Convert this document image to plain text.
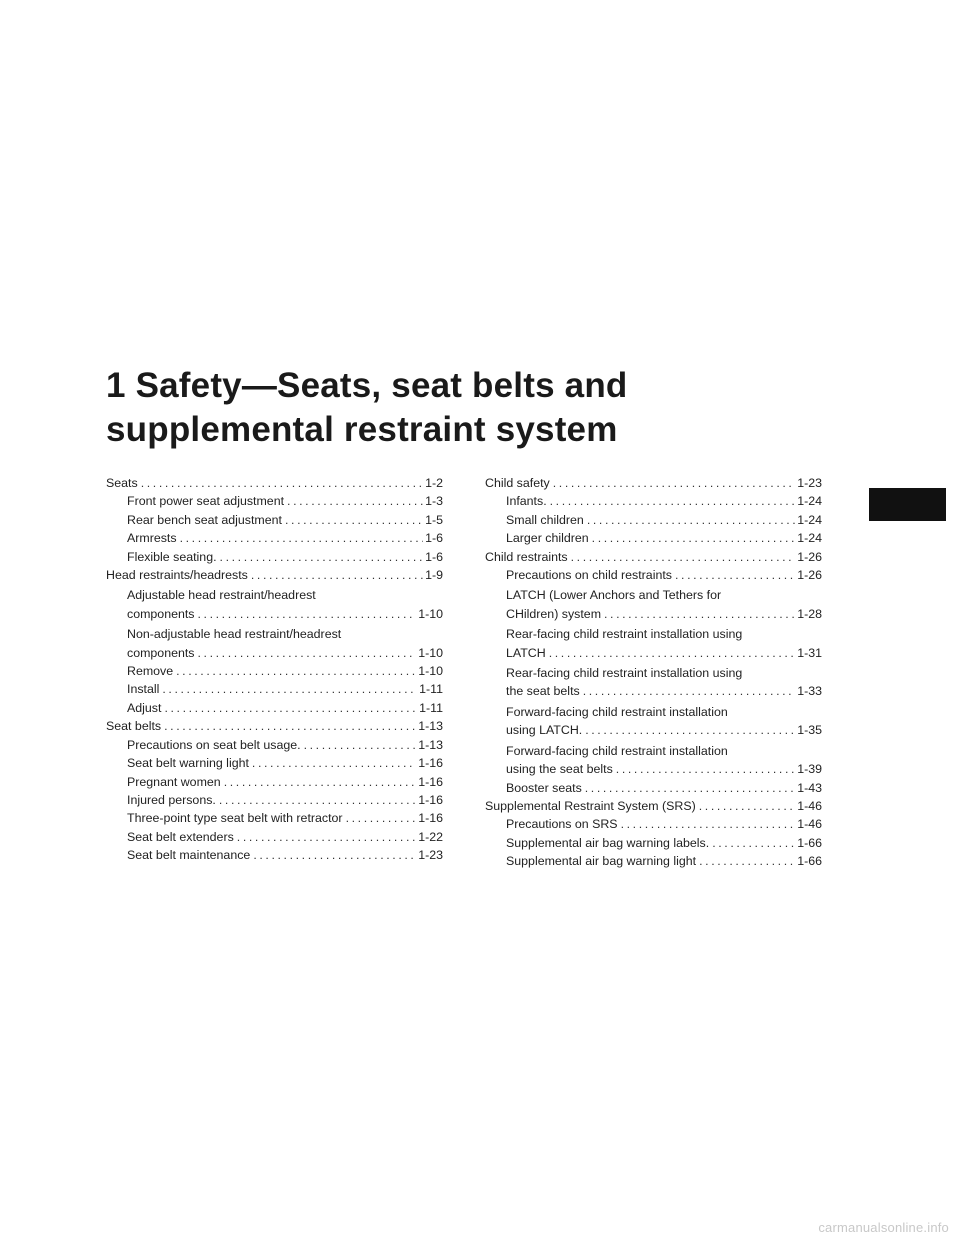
1 Safety—Seats, seat belts and
supplemental restraint system
Seats .....	1-2
Front power seat adjustment .....	1-3
Rear bench seat adjustment .....	1-5
Armrests .....	1-6
Flexible seating. .....	1-6
Head restraints/headrests .....	1-9
Adjustable head restraint/headrest
components .....	1-10
Non-adjustable head restraint/headrest
components .....	1-10
Remove .....	1-10
Install .....	1-11
Adjust .....	1-11
Seat belts .....	1-13
Precautions on seat belt usage. .....	1-13
Seat belt warning light .....	1-16
Pregnant women .....	1-16
Injured persons. .....	1-16
Three-point type seat belt with retractor .....	1-16
Seat belt extenders .....	1-22
Seat belt maintenance .....	1-23
Child safety .....	1-23
Infants. .....	1-24
Small children .....	1-24
Larger children .....	1-24
Child restraints .....	1-26
Precautions on child restraints .....	1-26
LATCH (Lower Anchors and Tethers for
CHildren) system .....	1-28
Rear-facing child restraint installation using
LATCH .....	1-31
Rear-facing child restraint installation using
the seat belts .....	1-33
Forward-facing child restraint installation
using LATCH. .....	1-35
Forward-facing child restraint installation
using the seat belts .....	1-39
Booster seats .....	1-43
Supplemental Restraint System (SRS) .....	1-46
Precautions on SRS .....	1-46
Supplemental air bag warning labels. .....	1-66
Supplemental air bag warning light .....	1-66
carmanualsonline.info
